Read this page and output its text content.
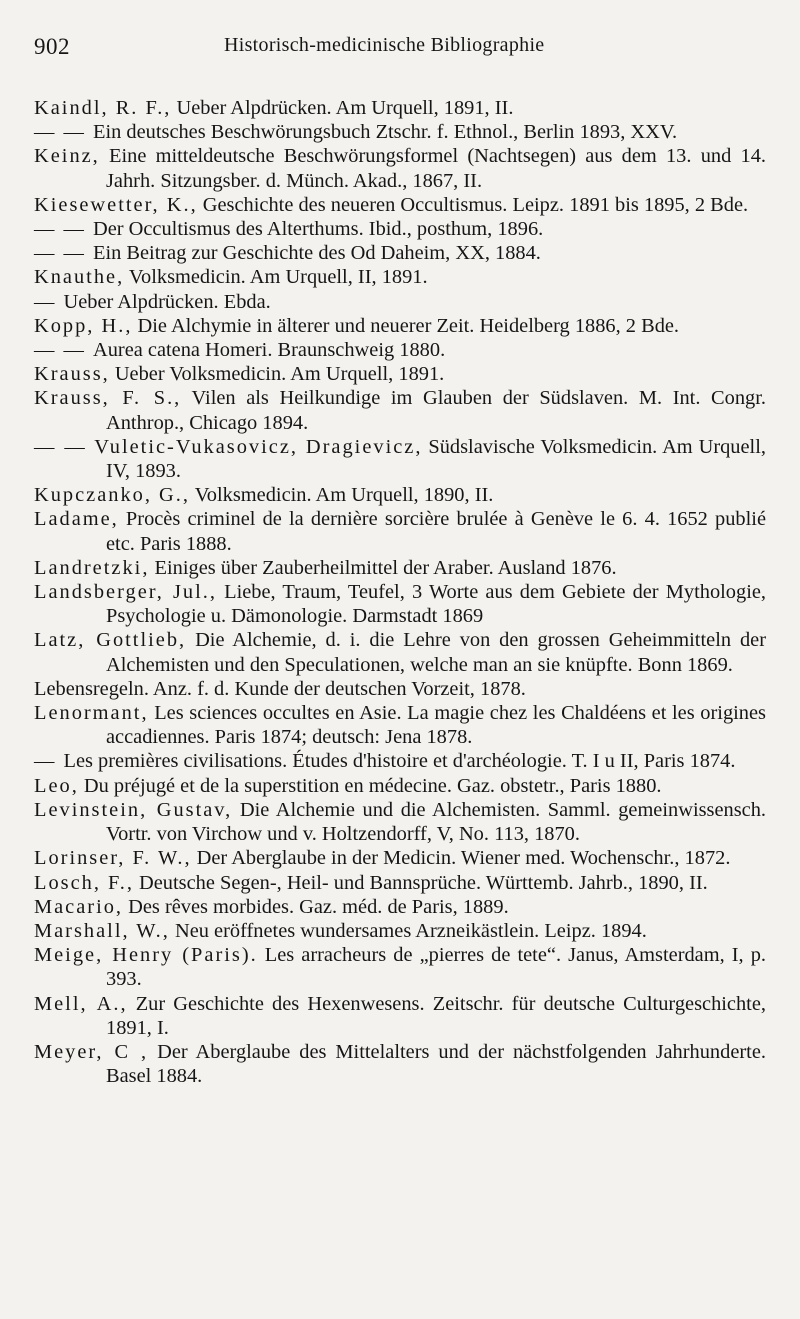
902	Historisch-medicinische Bibliographie

Kaindl, R. F., Ueber Alpdrücken. Am Urquell, 1891, II.

— — Ein deutsches Beschwörungsbuch Ztschr. f. Ethnol., Berlin 1893, XXV.

Keinz, Eine mitteldeutsche Beschwörungsformel (Nachtsegen) aus dem 13. und 14. Jahrh. Sitzungsber. d. Münch. Akad., 1867, II.

Kiesewetter, K., Geschichte des neueren Occultismus. Leipz. 1891 bis 1895, 2 Bde.

— — Der Occultismus des Alterthums. Ibid., posthum, 1896.

— — Ein Beitrag zur Geschichte des Od Daheim, XX, 1884.

Knauthe, Volksmedicin. Am Urquell, II, 1891.

— Ueber Alpdrücken. Ebda.

Kopp, H., Die Alchymie in älterer und neuerer Zeit. Heidelberg 1886, 2 Bde.

— — Aurea catena Homeri. Braunschweig 1880.

Krauss, Ueber Volksmedicin. Am Urquell, 1891.

Krauss, F. S., Vilen als Heilkundige im Glauben der Südslaven. M. Int. Congr. Anthrop., Chicago 1894.

— — Vuletic-Vukasovicz, Dragievicz, Südslavische Volksmedicin. Am Urquell, IV, 1893.

Kupczanko, G., Volksmedicin. Am Urquell, 1890, II.

Ladame, Procès criminel de la dernière sorcière brulée à Genève le 6. 4. 1652 publié etc. Paris 1888.

Landretzki, Einiges über Zauberheilmittel der Araber. Ausland 1876.

Landsberger, Jul., Liebe, Traum, Teufel, 3 Worte aus dem Gebiete der Mythologie, Psychologie u. Dämonologie. Darmstadt 1869

Latz, Gottlieb, Die Alchemie, d. i. die Lehre von den grossen Geheimmitteln der Alchemisten und den Speculationen, welche man an sie knüpfte. Bonn 1869.

Lebensregeln. Anz. f. d. Kunde der deutschen Vorzeit, 1878.

Lenormant, Les sciences occultes en Asie. La magie chez les Chaldéens et les origines accadiennes. Paris 1874; deutsch: Jena 1878.

— Les premières civilisations. Études d'histoire et d'archéologie. T. I u II, Paris 1874.

Leo, Du préjugé et de la superstition en médecine. Gaz. obstetr., Paris 1880.

Levinstein, Gustav, Die Alchemie und die Alchemisten. Samml. gemeinwissensch. Vortr. von Virchow und v. Holtzendorff, V, No. 113, 1870.

Lorinser, F. W., Der Aberglaube in der Medicin. Wiener med. Wochenschr., 1872.

Losch, F., Deutsche Segen-, Heil- und Bannsprüche. Württemb. Jahrb., 1890, II.

Macario, Des rêves morbides. Gaz. méd. de Paris, 1889.

Marshall, W., Neu eröffnetes wundersames Arzneikästlein. Leipz. 1894.

Meige, Henry (Paris). Les arracheurs de „pierres de tete“. Janus, Amsterdam, I, p. 393.

Mell, A., Zur Geschichte des Hexenwesens. Zeitschr. für deutsche Culturgeschichte, 1891, I.

Meyer, C , Der Aberglaube des Mittelalters und der nächstfolgenden Jahrhunderte. Basel 1884.
